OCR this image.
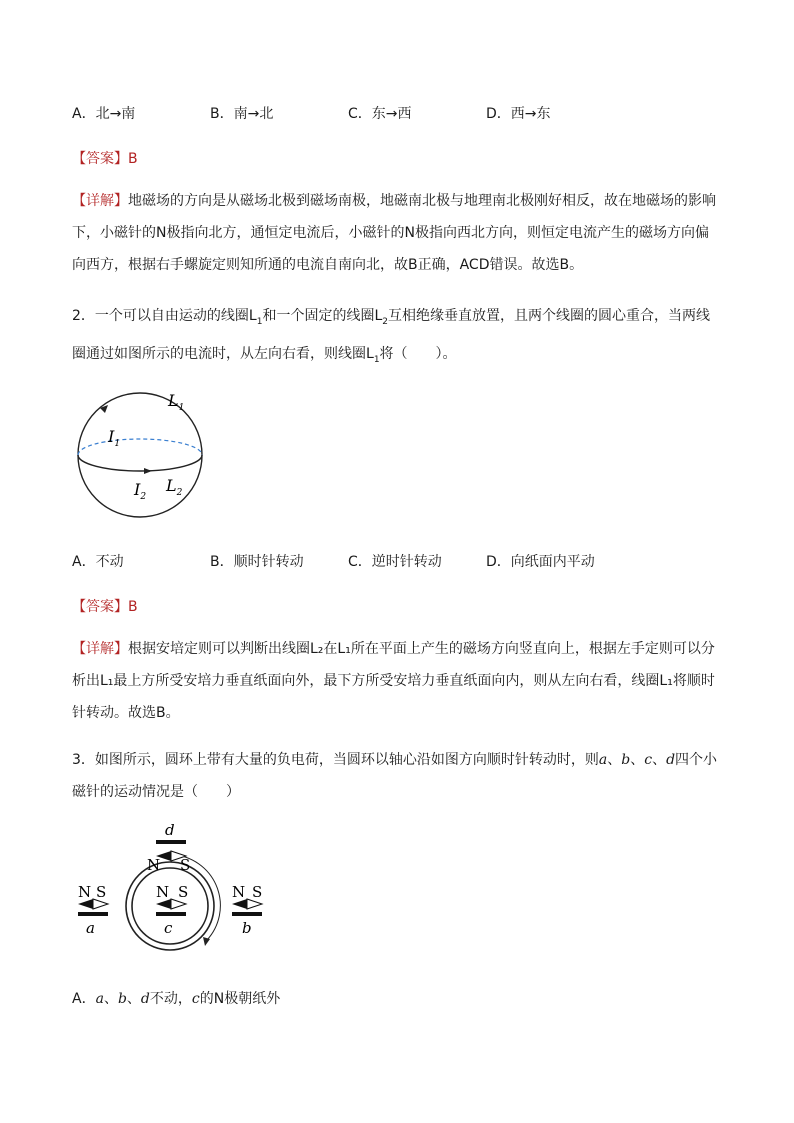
A．北→南	B．南→北	C．东→西	D．西→东
【答案】B
【详解】地磁场的方向是从磁场北极到磁场南极，地磁南北极与地理南北极刚好相反，故在地磁场的影响下，小磁针的N极指向北方，通恒定电流后，小磁针的N极指向西北方向，则恒定电流产生的磁场方向偏向西方，根据右手螺旋定则知所通的电流自南向北，故B正确，ACD错误。故选B。
2．一个可以自由运动的线圈$L_1$和一个固定的线圈$L_2$互相绝缘垂直放置，且两个线圈的圆心重合，当两线圈通过如图所示的电流时，从左向右看，则线圈$L_1$将（　　）。
$I_1$
$L_1$
$I_2$
$L_2$
A．不动	B．顺时针转动	C．逆时针转动	D．向纸面内平动
【答案】B
【详解】根据安培定则可以判断出线圈L₂在L₁所在平面上产生的磁场方向竖直向上，根据左手定则可以分析出L₁最上方所受安培力垂直纸面向外，最下方所受安培力垂直纸面向内，则从左向右看，线圈L₁将顺时针转动。故选B。
3．如图所示，圆环上带有大量的负电荷，当圆环以轴心沿如图方向顺时针转动时，则a、b、c、d四个小磁针的运动情况是（　　）
d
N S
N S
c
N S
a
N S
b
A．a、b、d不动，c的N极朝纸外
